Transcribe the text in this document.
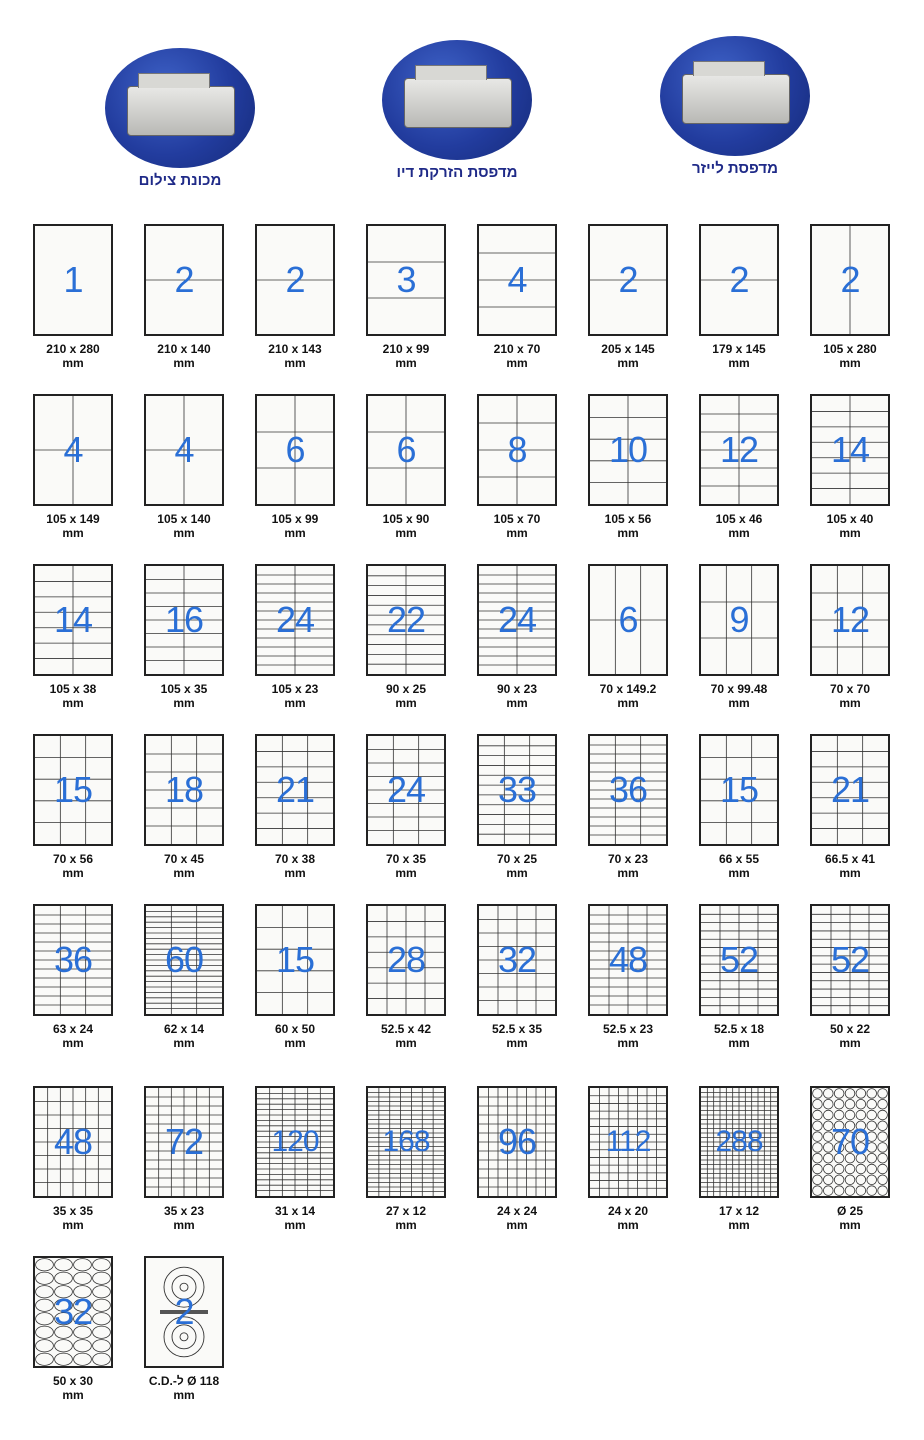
מכונת צילום	מדפסת הזרקת דיו	מדפסת לייזר
1
210 x 280
mm
2
210 x 140
mm
2
210 x 143
mm
3
210 x 99
mm
4
210 x 70
mm
2
205 x 145
mm
2
179 x 145
mm
2
105 x 280
mm
4
105 x 149
mm
4
105 x 140
mm
6
105 x 99
mm
6
105 x 90
mm
8
105 x 70
mm
10
105 x 56
mm
12
105 x 46
mm
14
105 x 40
mm
14
105 x 38
mm
16
105 x 35
mm
24
105 x 23
mm
22
90 x 25
mm
24
90 x 23
mm
6
70 x 149.2
mm
9
70 x 99.48
mm
12
70 x 70
mm
15
70 x 56
mm
18
70 x 45
mm
21
70 x 38
mm
24
70 x 35
mm
33
70 x 25
mm
36
70 x 23
mm
15
66 x 55
mm
21
66.5 x 41
mm
36
63 x 24
mm
60
62 x 14
mm
15
60 x 50
mm
28
52.5 x 42
mm
32
52.5 x 35
mm
48
52.5 x 23
mm
52
52.5 x 18
mm
52
50 x 22
mm
48
35 x 35
mm
72
35 x 23
mm
120
31 x 14
mm
168
27 x 12
mm
96
24 x 24
mm
112
24 x 20
mm
288
17 x 12
mm
70
Ø 25
mm
32
50 x 30
mm
2
C.D.-ל Ø 118
mm
